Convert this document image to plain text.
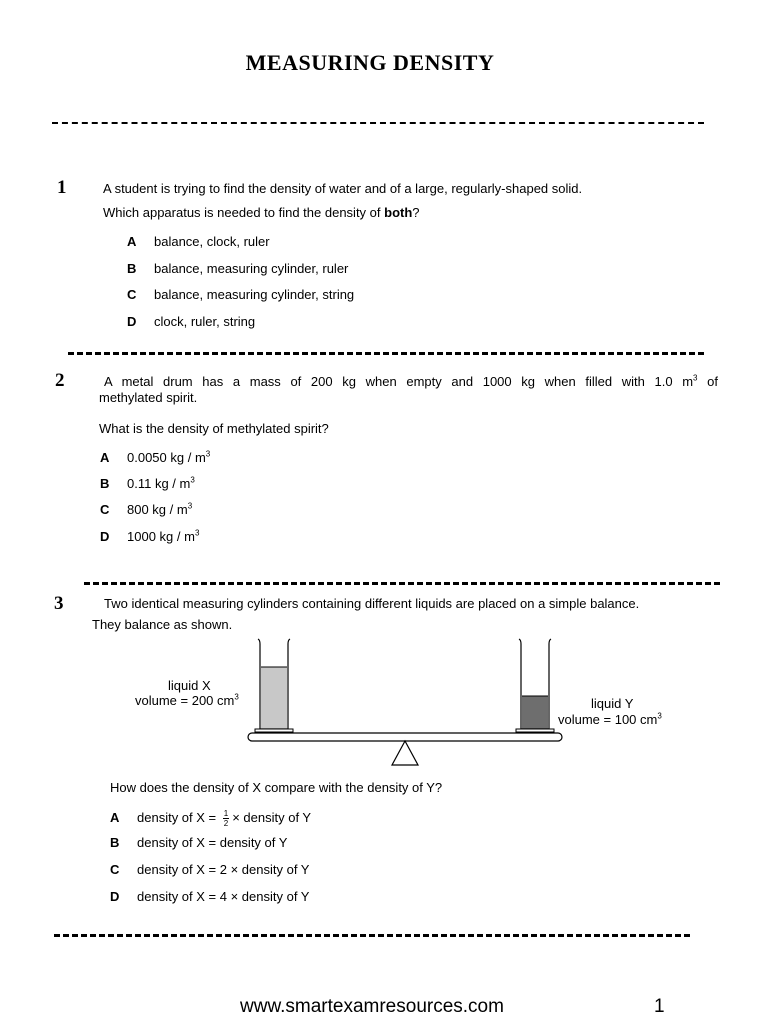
MEASURING DENSITY
1	A student is trying to find the density of water and of a large, regularly-shaped solid.
Which apparatus is needed to find the density of both?
A balance, clock, ruler
B balance, measuring cylinder, ruler
C balance, measuring cylinder, string
D clock, ruler, string
2	A metal drum has a mass of 200 kg when empty and 1000 kg when filled with 1.0 $m^3$ of
methylated spirit.
What is the density of methylated spirit?
A 0.0050 kg / $m^3$
B 0.11 kg / $m^3$
C 800 kg / $m^3$
D 1000 kg / $m^3$
3	Two identical measuring cylinders containing different liquids are placed on a simple balance.
They balance as shown.
liquid X
volume = 200 $cm^3$	liquid Y
volume = 100 $cm^3$
How does the density of X compare with the density of Y?
A density of $X = \frac{1}{2}$ × density of Y
B density of X = density of Y
C density of X = 2 × density of Y
D density of X = 4 × density of Y
www.smartexamresources.com	1
